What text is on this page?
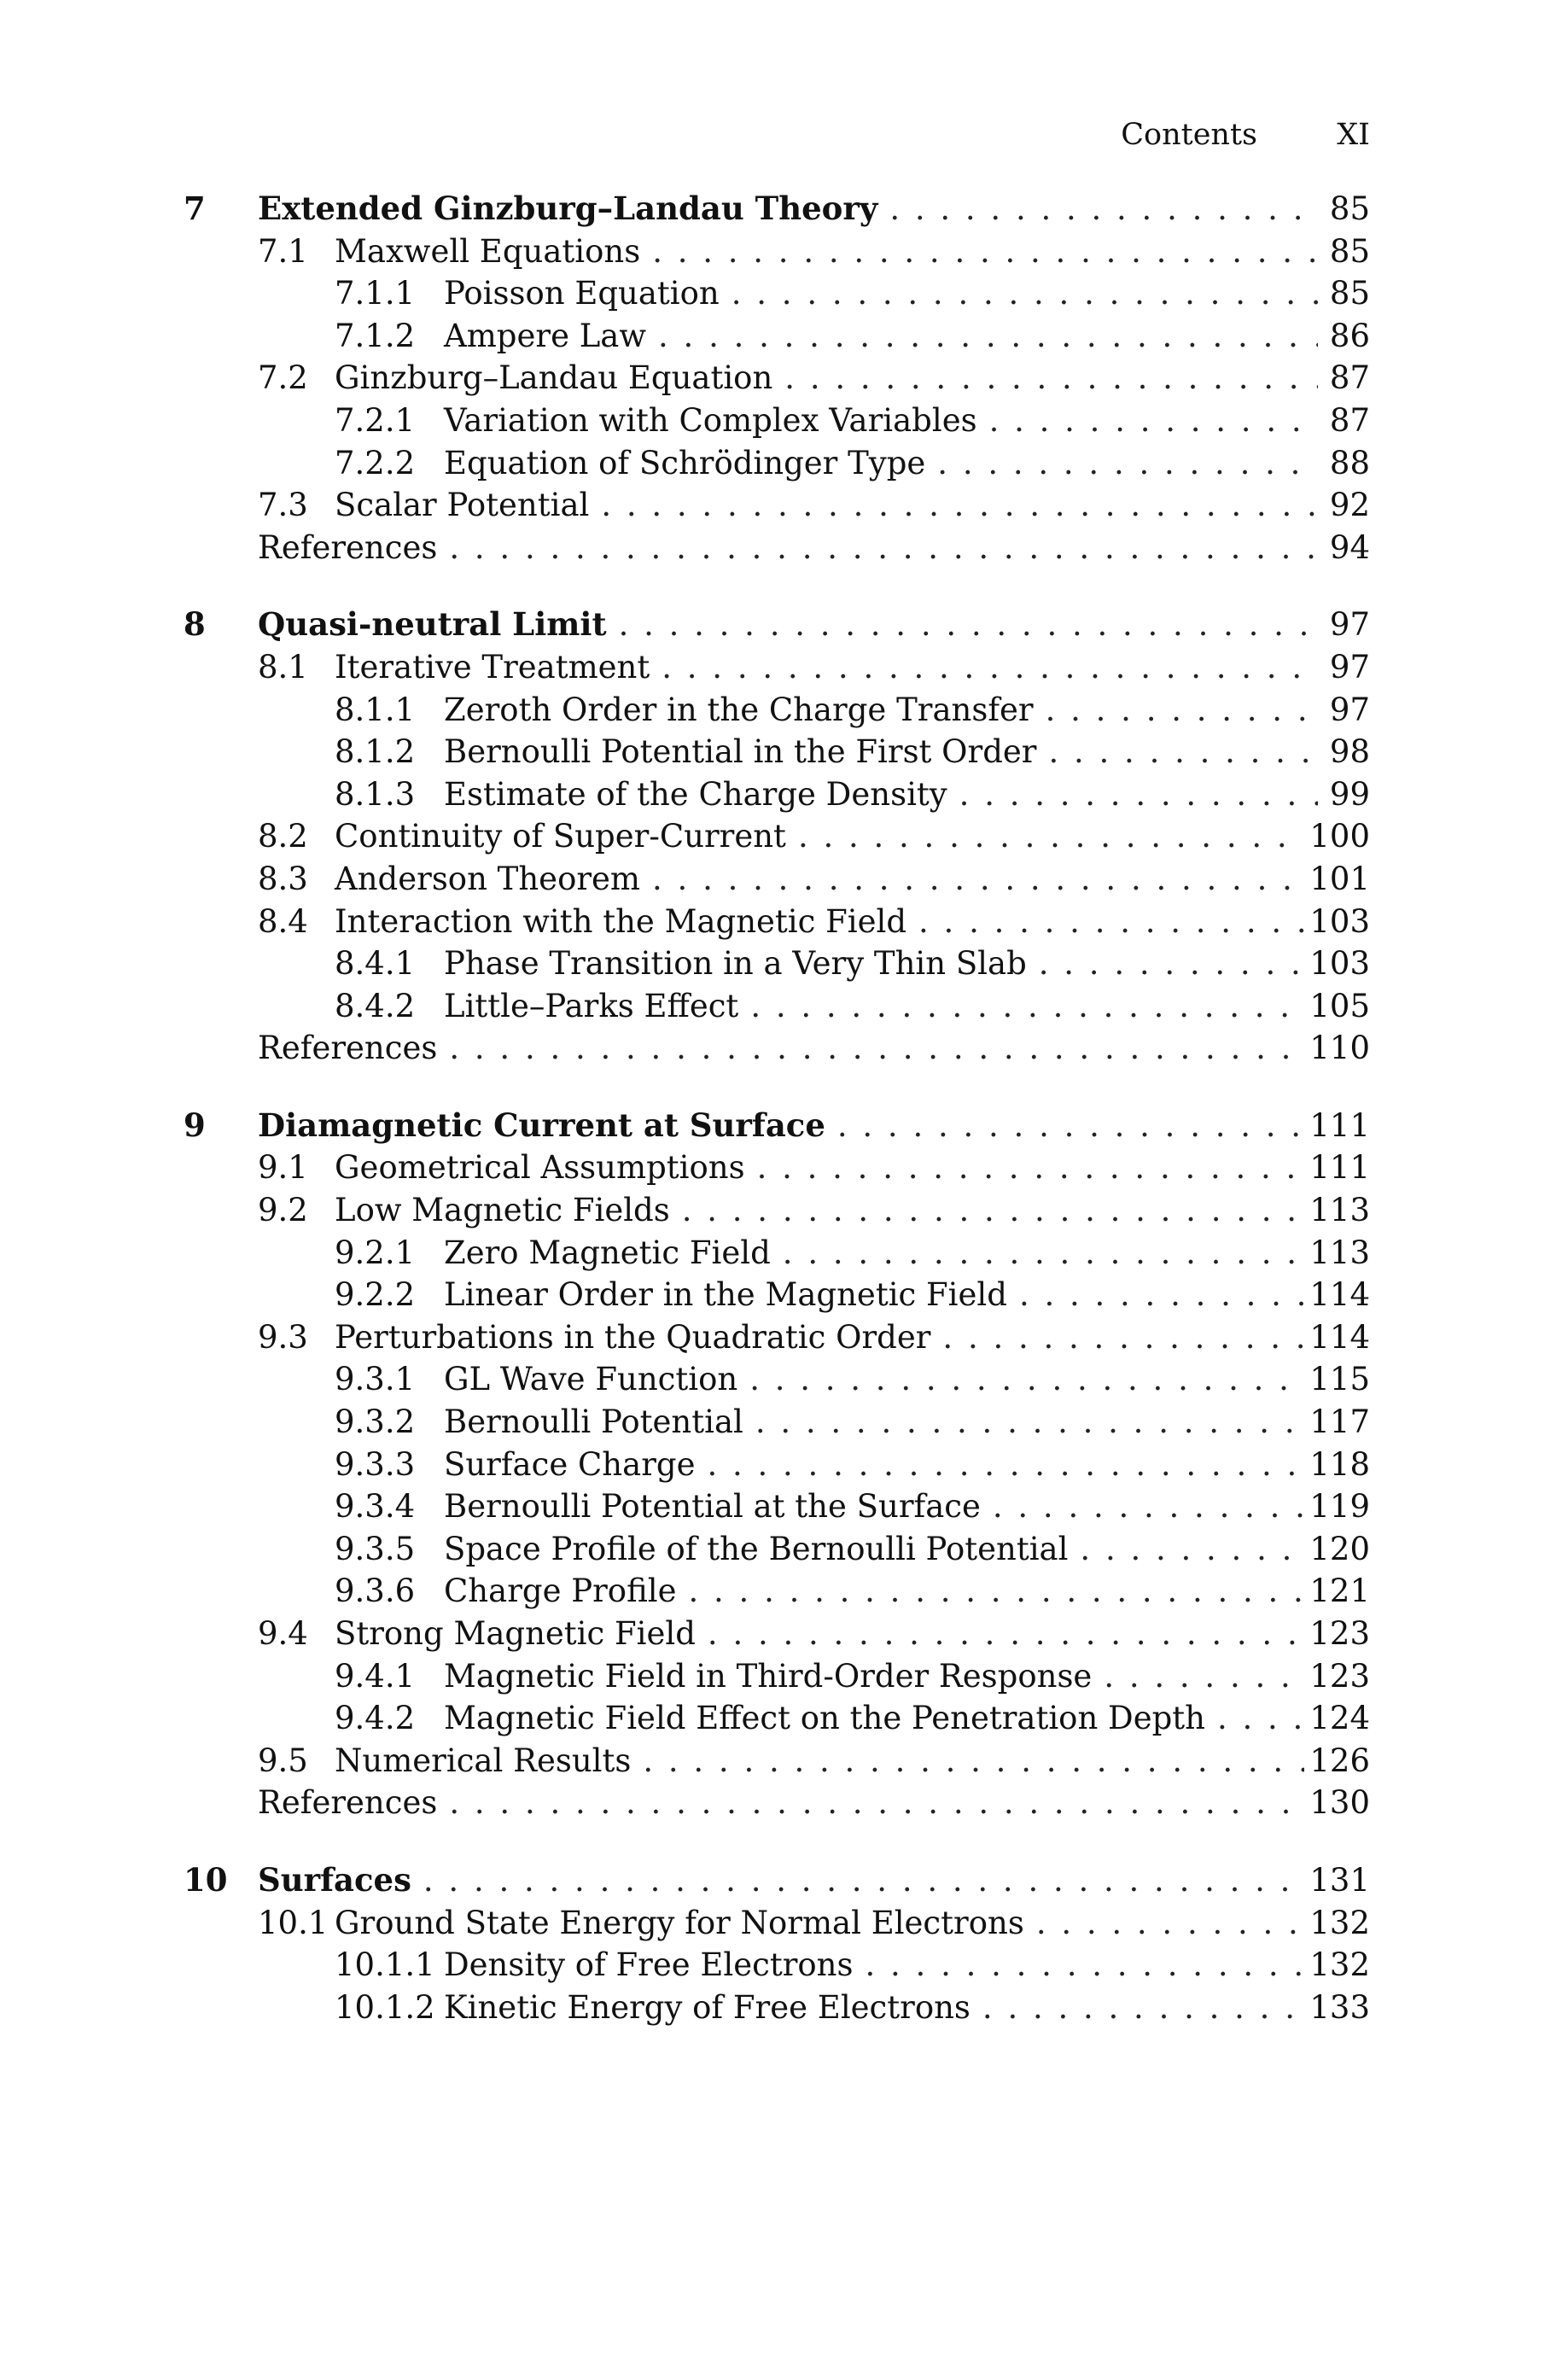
Contents	XI
7	Extended Ginzburg–Landau Theory . . .	85
7.1 Maxwell Equations . . .	85
7.1.1 Poisson Equation . . .	85
7.1.2 Ampere Law . . .	86
7.2 Ginzburg–Landau Equation . . .	87
7.2.1 Variation with Complex Variables . . .	87
7.2.2 Equation of Schrödinger Type . . .	88
7.3 Scalar Potential . . .	92
References . . .	94
8	Quasi-neutral Limit . . .	97
8.1 Iterative Treatment . . .	97
8.1.1 Zeroth Order in the Charge Transfer . . .	97
8.1.2 Bernoulli Potential in the First Order . . .	98
8.1.3 Estimate of the Charge Density . . .	99
8.2 Continuity of Super-Current . . .	100
8.3 Anderson Theorem . . .	101
8.4 Interaction with the Magnetic Field . . .	103
8.4.1 Phase Transition in a Very Thin Slab . . .	103
8.4.2 Little–Parks Effect . . .	105
References . . .	110
9	Diamagnetic Current at Surface . . .	111
9.1 Geometrical Assumptions . . .	111
9.2 Low Magnetic Fields . . .	113
9.2.1 Zero Magnetic Field . . .	113
9.2.2 Linear Order in the Magnetic Field . . .	114
9.3 Perturbations in the Quadratic Order . . .	114
9.3.1 GL Wave Function . . .	115
9.3.2 Bernoulli Potential . . .	117
9.3.3 Surface Charge . . .	118
9.3.4 Bernoulli Potential at the Surface . . .	119
9.3.5 Space Profile of the Bernoulli Potential . . .	120
9.3.6 Charge Profile . . .	121
9.4 Strong Magnetic Field . . .	123
9.4.1 Magnetic Field in Third-Order Response . . .	123
9.4.2 Magnetic Field Effect on the Penetration Depth . . .	124
9.5 Numerical Results . . .	126
References . . .	130
10 Surfaces . . .	131
10.1 Ground State Energy for Normal Electrons . . .	132
10.1.1 Density of Free Electrons . . .	132
10.1.2 Kinetic Energy of Free Electrons . . .	133
